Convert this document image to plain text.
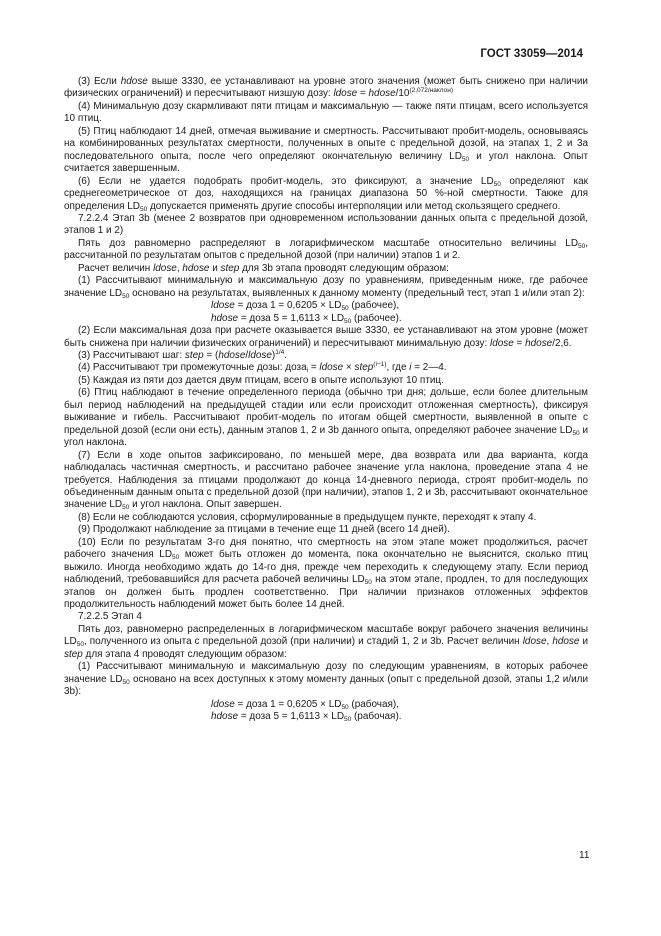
ГОСТ 33059—2014

(3) Если hdose выше 3330, ее устанавливают на уровне этого значения (может быть снижено при наличии физических ограничений) и пересчитывают низшую дозу: ldose = hdose/$10^{(2,072/наклон)}$

(4) Минимальную дозу скармливают пяти птицам и максимальную — также пяти птицам, всего используется 10 птиц.

(5) Птиц наблюдают 14 дней, отмечая выживание и смертность. Рассчитывают пробит-модель, основываясь на комбинированных результатах смертности, полученных в опыте с предельной дозой, на этапах 1, 2 и 3а последовательного опыта, после чего определяют окончательную величину $LD_{50}$ и угол наклона. Опыт считается завершенным.

(6) Если не удается подобрать пробит-модель, это фиксируют, а значение $LD_{50}$ определяют как среднегеометрическое от доз, находящихся на границах диапазона 50 %-ной смертности. Также для определения $LD_{50}$ допускается применять другие способы интерполяции или метод скользящего среднего.

7.2.2.4 Этап 3b (менее 2 возвратов при одновременном использовании данных опыта с предельной дозой, этапов 1 и 2)

Пять доз равномерно распределяют в логарифмическом масштабе относительно величины $LD_{50}$, рассчитанной по результатам опытов с предельной дозой (при наличии) этапов 1 и 2.

Расчет величин ldose, hdose и step для 3b этапа проводят следующим образом:

(1) Рассчитывают минимальную и максимальную дозу по уравнениям, приведенным ниже, где рабочее значение $LD_{50}$ основано на результатах, выявленных к данному моменту (предельный тест, этап 1 и/или этап 2):

ldose = доза $1 = 0,6205 \times LD_{50}$ (рабочее),

hdose = доза $5 = 1,6113 \times LD_{50}$ (рабочее).

(2) Если максимальная доза при расчете оказывается выше 3330, ее устанавливают на этом уровне (может быть снижена при наличии физических ограничений) и пересчитывают минимальную дозу: ldose = hdose/2,6.

(3) Рассчитывают шаг: step = (hdose/ldose)$^{1/4}$.

(4) Рассчитывают три промежуточные дозы: доза$_i$ = ldose × step$^{(i-1)}$, где i = 2—4.

(5) Каждая из пяти доз дается двум птицам, всего в опыте используют 10 птиц.

(6) Птиц наблюдают в течение определенного периода (обычно три дня; дольше, если более длительным был период наблюдений на предыдущей стадии или если происходит отложенная смертность), фиксируя выживание и гибель. Рассчитывают пробит-модель по итогам общей смертности, выявленной в опыте с предельной дозой (если они есть), данным этапов 1, 2 и 3b данного опыта, определяют рабочее значение $LD_{50}$ и угол наклона.

(7) Если в ходе опытов зафиксировано, по меньшей мере, два возврата или два варианта, когда наблюдалась частичная смертность, и рассчитано рабочее значение угла наклона, проведение этапа 4 не требуется. Наблюдения за птицами продолжают до конца 14-дневного периода, строят пробит-модель по объединенным данным опыта с предельной дозой (при наличии), этапов 1, 2 и 3b, рассчитывают окончательное значение $LD_{50}$ и угол наклона. Опыт завершен.

(8) Если не соблюдаются условия, сформулированные в предыдущем пункте, переходят к этапу 4.

(9) Продолжают наблюдение за птицами в течение еще 11 дней (всего 14 дней).

(10) Если по результатам 3-го дня понятно, что смертность на этом этапе может продолжиться, расчет рабочего значения $LD_{50}$ может быть отложен до момента, пока окончательно не выяснится, сколько птиц выжило. Иногда необходимо ждать до 14-го дня, прежде чем переходить к следующему этапу. Если период наблюдений, требовавшийся для расчета рабочей величины $LD_{50}$ на этом этапе, продлен, то для последующих этапов он должен быть продлен соответственно. При наличии признаков отложенных эффектов продолжительность наблюдений может быть более 14 дней.

7.2.2.5 Этап 4

Пять доз, равномерно распределенных в логарифмическом масштабе вокруг рабочего значения величины $LD_{50}$, полученного из опыта с предельной дозой (при наличии) и стадий 1, 2 и 3b. Расчет величин ldose, hdose и step для этапа 4 проводят следующим образом:

(1) Рассчитывают минимальную и максимальную дозу по следующим уравнениям, в которых рабочее значение $LD_{50}$ основано на всех доступных к этому моменту данных (опыт с предельной дозой, этапы 1,2 и/или 3b):

ldose = доза $1 = 0,6205 \times LD_{50}$ (рабочая),

hdose = доза $5 = 1,6113 \times LD_{50}$ (рабочая).

11
